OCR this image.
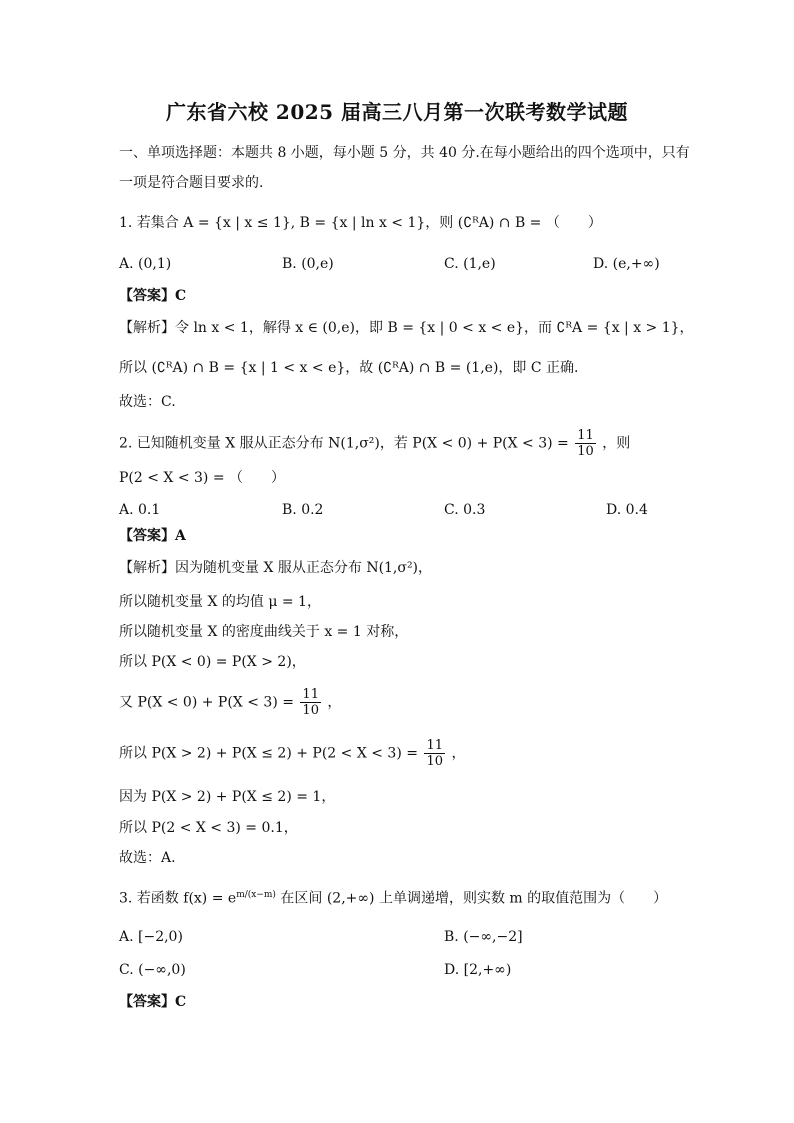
广东省六校 2025 届高三八月第一次联考数学试题
一、单项选择题：本题共 8 小题，每小题 5 分，共 40 分.在每小题给出的四个选项中，只有
一项是符合题目要求的.
1. 若集合 A = {x | x ≤ 1}, B = {x | ln x < 1}，则 (∁ᴿA) ∩ B = （　　）
A. (0,1)	B. (0,e)	C. (1,e)	D. (e,+∞)
【答案】C
【解析】令 ln x < 1，解得 x ∈ (0,e)，即 B = {x | 0 < x < e}，而 ∁ᴿA = {x | x > 1}，
所以 (∁ᴿA) ∩ B = {x | 1 < x < e}，故 (∁ᴿA) ∩ B = (1,e)，即 C 正确.
故选：C.
2. 已知随机变量 X 服从正态分布 N(1,σ²)，若 $P(X < 0) + P(X < 3) = \frac{11}{10}$ ，则
P(2 < X < 3) = （　　）
A. 0.1	B. 0.2	C. 0.3	D. 0.4
【答案】A
【解析】因为随机变量 X 服从正态分布 N(1,σ²)，
所以随机变量 X 的均值 μ = 1，
所以随机变量 X 的密度曲线关于 x = 1 对称，
所以 P(X < 0) = P(X > 2)，
又 $P(X < 0) + P(X < 3) = \frac{11}{10}$ ，
所以 $P(X > 2) + P(X \le 2) + P(2 < X < 3) = \frac{11}{10}$ ，
因为 P(X > 2) + P(X ≤ 2) = 1，
所以 P(2 < X < 3) = 0.1，
故选：A.
3. 若函数 $f(x) = e^{m/(x-m)}$ 在区间 (2,+∞) 上单调递增，则实数 m 的取值范围为（　　）
A. [−2,0)	B. (−∞,−2]
C. (−∞,0)	D. [2,+∞)
【答案】C
